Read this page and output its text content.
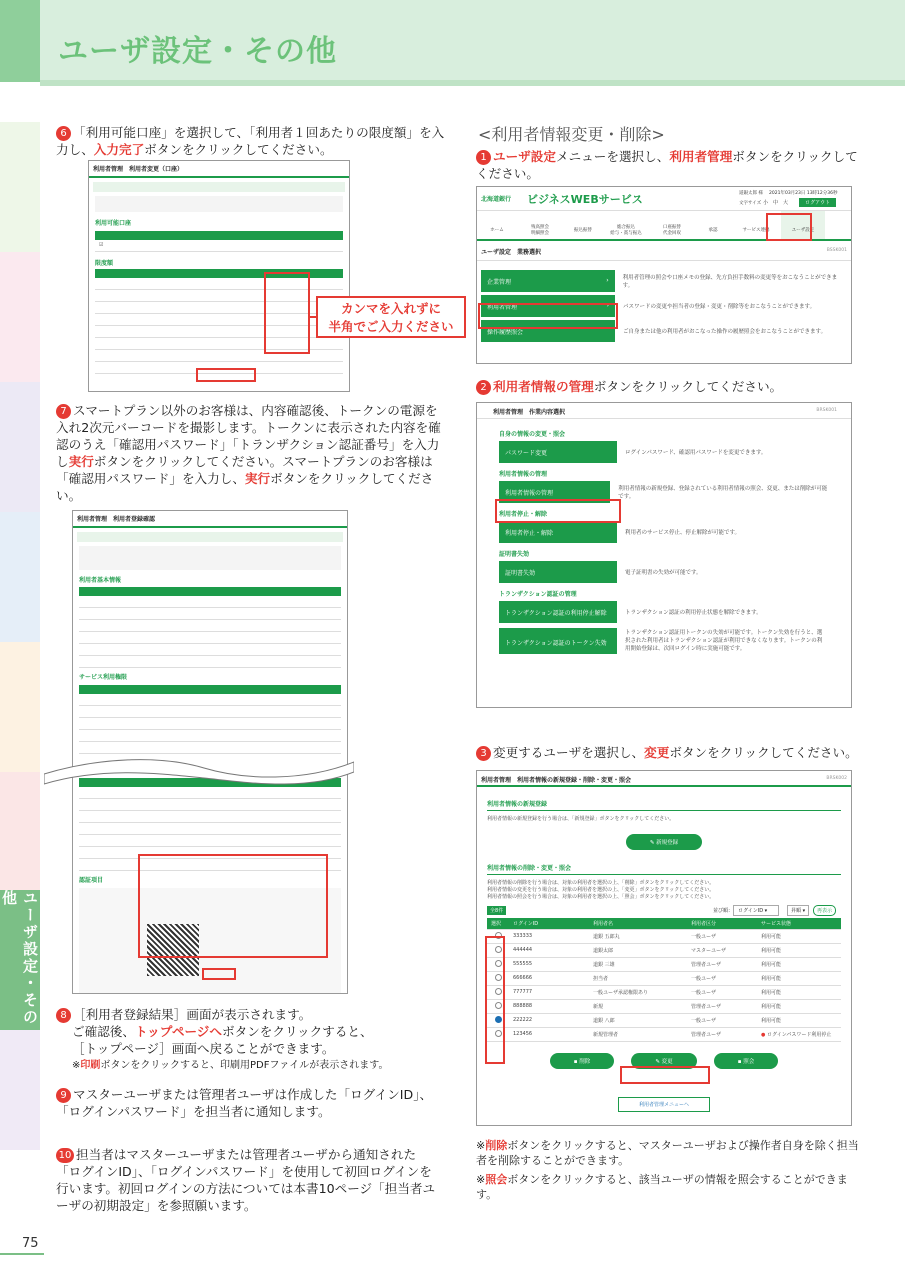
ユーザ設定・その他
ユーザ設定・その他
75
6 「利用可能口座」を選択して、「利用者１回あたりの限度額」を入力し、入力完了ボタンをクリックしてください。
利用者管理　利用者変更（口座）
利用可能口座

☑
限度額

カンマを入れずに
半角でご入力ください
7 スマートプラン以外のお客様は、内容確認後、トークンの電源を入れ2次元バーコードを撮影します。トークンに表示された内容を確認のうえ「確認用パスワード」「トランザクション認証番号」を入力し実行ボタンをクリックしてください。スマートプランのお客様は「確認用パスワード」を入力し、実行ボタンをクリックしてください。
利用者管理　利用者登録確認
利用者基本情報

サービス利用権限

認証項目

8 ［利用者登録結果］画面が表示されます。
ご確認後、トップページへボタンをクリックすると、
［トップページ］画面へ戻ることができます。
※印刷ボタンをクリックすると、印刷用PDFファイルが表示されます。
9 マスターユーザまたは管理者ユーザは作成した「ログインID」、「ログインパスワード」を担当者に通知します。
10 担当者はマスターユーザまたは管理者ユーザから通知された「ログインID」、「ログインパスワード」を使用して初回ログインを行います。初回ログインの方法については本書10ページ「担当者ユーザの初期設定」を参照願います。
<利用者情報変更・削除>
1 ユーザ設定メニューを選択し、利用者管理ボタンをクリックしてください。
北海道銀行 ビジネスWEBサービス	道銀太郎 様 2021年03月23日 13時12分36秒
文字サイズ 小 中 大	ログアウト
ホーム
残高照会
明細照会
振込振替
総合振込
給与・賞与振込
口座振替
代金回収
承認	サービス連携	ユーザ設定
ユーザ設定　業務選択	BSSK001
企業管理	›	利用者管理の照会や口座メモの登録、先方負担手数料の変更等をおこなうことができます。
利用者管理	›	パスワードの変更や担当者の登録・変更・削除等をおこなうことができます。
操作履歴照会	ご自身または他の利用者がおこなった操作の履歴照会をおこなうことができます。
2 利用者情報の管理ボタンをクリックしてください。
利用者管理　作業内容選択	BRSK001
自身の情報の変更・照会
パスワード変更	ログインパスワード、確認用パスワードを変更できます。
利用者情報の管理
利用者情報の管理
利用者情報の新規登録、登録されている利用者情報の照会、変更、または削除が可能です。
利用者停止・解除
利用者停止・解除	利用者のサービス停止、停止解除が可能です。
証明書失効
証明書失効	電子証明書の失効が可能です。
トランザクション認証の管理
トランザクション認証の利用停止解除	トランザクション認証の利用停止状態を解除できます。
トランザクション認証のトークン失効
トランザクション認証用トークンの失効が可能です。トークン失効を行うと、選択された利用者はトランザクション認証が利用できなくなります。トークンの利用開始登録は、次回ログイン時に実施可能です。
3 変更するユーザを選択し、変更ボタンをクリックしてください。
利用者管理　利用者情報の新規登録・削除・変更・照会	BRSK002
利用者情報の新規登録
利用者情報の新規登録を行う場合は、「新規登録」ボタンをクリックしてください。
✎ 新規登録
利用者情報の削除・変更・照会
利用者情報の削除を行う場合は、対象の利用者を選択の上、「削除」ボタンをクリックしてください。
利用者情報の変更を行う場合は、対象の利用者を選択の上、「変更」ボタンをクリックしてください。
利用者情報の照会を行う場合は、対象の利用者を選択の上、「照会」ボタンをクリックしてください。
全8件	並び順： ログインID ▾	昇順 ▾	再表示
選択	ログインID	利用者名	利用者区分	サービス状態
	333333	道銀 五郎丸	一般ユーザ	利用可能
	444444	道銀太郎	マスターユーザ	利用可能
	555555	道銀 三雄	管理者ユーザ	利用可能
	666666	担当者	一般ユーザ	利用可能
	777777	一般ユーザ承認権限あり	一般ユーザ	利用可能
	888888	新規	管理者ユーザ	利用可能
	222222	道銀 八郎	一般ユーザ	利用可能
	123456	新規管理者	管理者ユーザ	● ログインパスワード利用停止
▪ 削除	✎ 変更	▪ 照会
利用者管理メニューへ
※削除ボタンをクリックすると、マスターユーザおよび操作者自身を除く担当者を削除することができます。
※照会ボタンをクリックすると、該当ユーザの情報を照会することができます。
